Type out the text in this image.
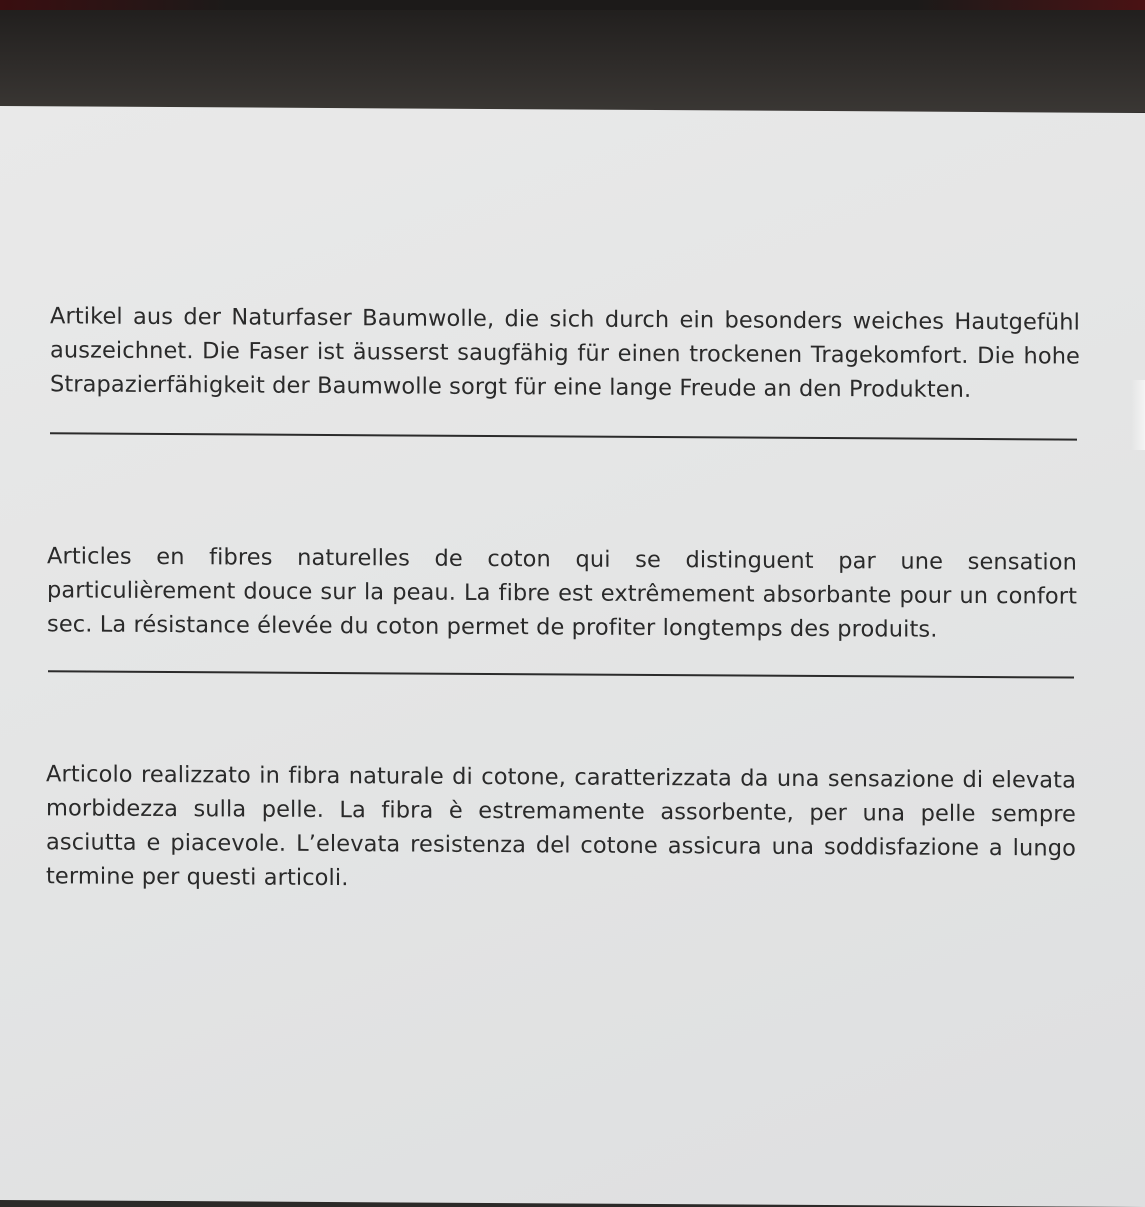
Artikel aus der Naturfaser Baumwolle, die sich durch ein besonders weiches Hautgefühl auszeichnet. Die Faser ist äusserst saugfähig für einen trockenen Tragekomfort. Die hohe Strapazierfähigkeit der Baumwolle sorgt für eine lange Freude an den Produkten.

Articles en fibres naturelles de coton qui se distinguent par une sensation particulièrement douce sur la peau. La fibre est extrêmement absorbante pour un confort sec. La résistance élevée du coton permet de profiter longtemps des produits.

Articolo realizzato in fibra naturale di cotone, caratterizzata da una sensazione di elevata morbidezza sulla pelle. La fibra è estremamente assorbente, per una pelle sempre asciutta e piacevole. L’elevata resistenza del cotone assicura una soddisfazione a lungo termine per questi articoli.
